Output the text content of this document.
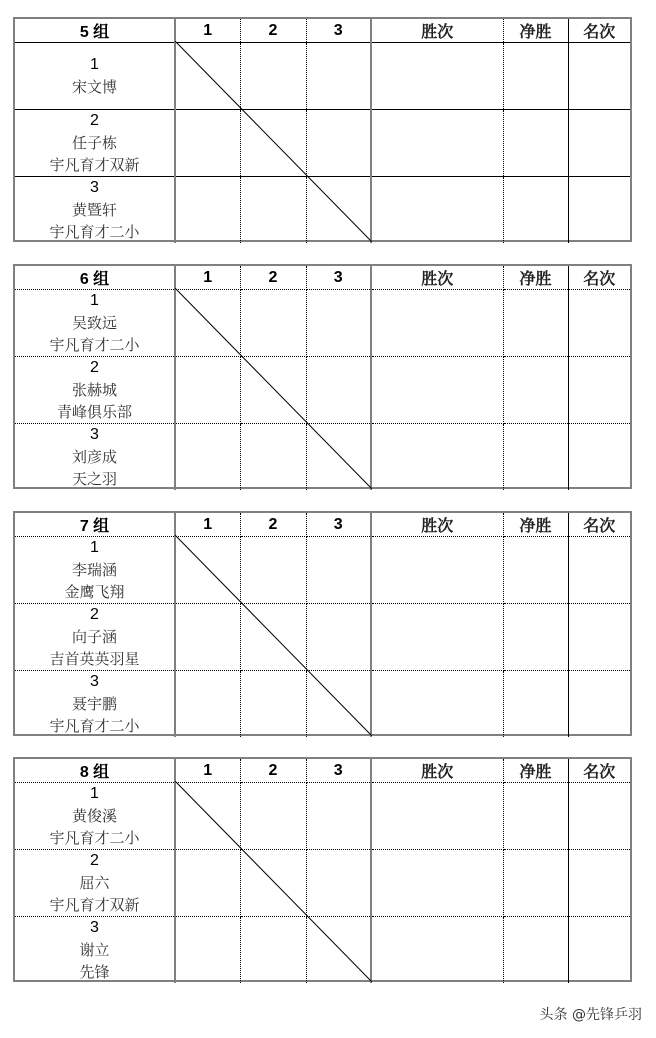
5 组	1	2	3	胜次	净胜	名次

1
宋文博						

2
任子栋
宇凡育才双新						

3
黄暨轩
宇凡育才二小						

6 组	1	2	3	胜次	净胜	名次

1
吴致远
宇凡育才二小						

2
张赫城
青峰俱乐部						

3
刘彦成
天之羽						

7 组	1	2	3	胜次	净胜	名次

1
李瑞涵
金鹰飞翔						

2
向子涵
吉首英英羽星						

3
聂宇鹏
宇凡育才二小						

8 组	1	2	3	胜次	净胜	名次

1
黄俊溪
宇凡育才二小						

2
屈六
宇凡育才双新						

3
谢立
先锋						

头条 @先锋乒羽
